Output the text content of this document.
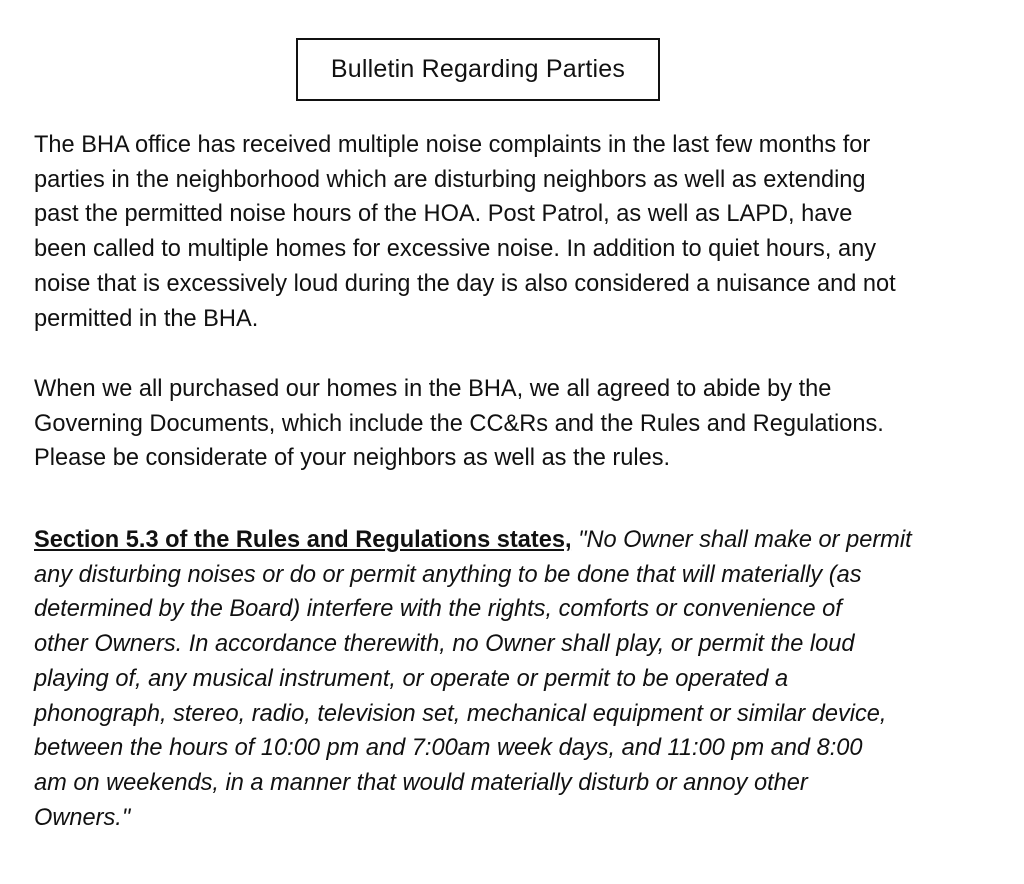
Bulletin Regarding Parties

The BHA office has received multiple noise complaints in the last few months for
parties in the neighborhood which are disturbing neighbors as well as extending
past the permitted noise hours of the HOA. Post Patrol, as well as LAPD, have
been called to multiple homes for excessive noise. In addition to quiet hours, any
noise that is excessively loud during the day is also considered a nuisance and not
permitted in the BHA.

When we all purchased our homes in the BHA, we all agreed to abide by the
Governing Documents, which include the CC&Rs and the Rules and Regulations.
Please be considerate of your neighbors as well as the rules.

Section 5.3 of the Rules and Regulations states, "No Owner shall make or permit
any disturbing noises or do or permit anything to be done that will materially (as
determined by the Board) interfere with the rights, comforts or convenience of
other Owners. In accordance therewith, no Owner shall play, or permit the loud
playing of, any musical instrument, or operate or permit to be operated a
phonograph, stereo, radio, television set, mechanical equipment or similar device,
between the hours of 10:00 pm and 7:00am week days, and 11:00 pm and 8:00
am on weekends, in a manner that would materially disturb or annoy other
Owners."
